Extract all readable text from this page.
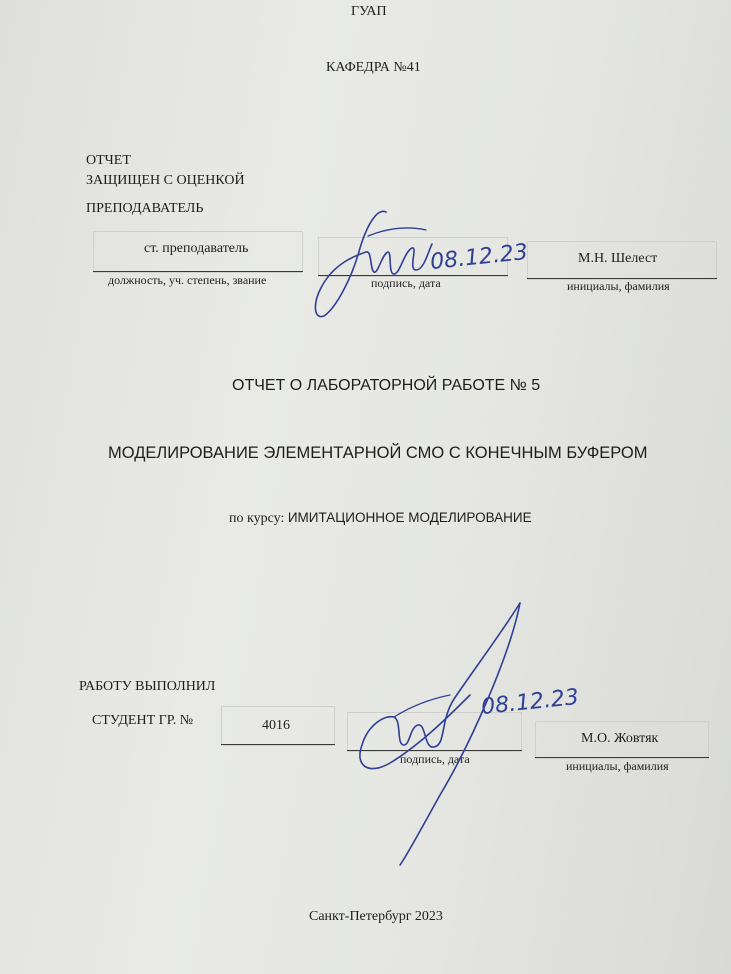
ГУАП
КАФЕДРА №41
ОТЧЕТ
ЗАЩИЩЕН С ОЦЕНКОЙ
ПРЕПОДАВАТЕЛЬ
ст. преподаватель
должность, уч. степень, звание	подпись, дата
М.Н. Шелест
инициалы, фамилия
08.12.23
ОТЧЕТ О ЛАБОРАТОРНОЙ РАБОТЕ № 5
МОДЕЛИРОВАНИЕ ЭЛЕМЕНТАРНОЙ СМО С КОНЕЧНЫМ БУФЕРОМ
по курсу: ИМИТАЦИОННОЕ МОДЕЛИРОВАНИЕ
РАБОТУ ВЫПОЛНИЛ
СТУДЕНТ ГР. №	4016
подпись, дата
М.О. Жовтяк
инициалы, фамилия
08.12.23
Санкт-Петербург 2023
